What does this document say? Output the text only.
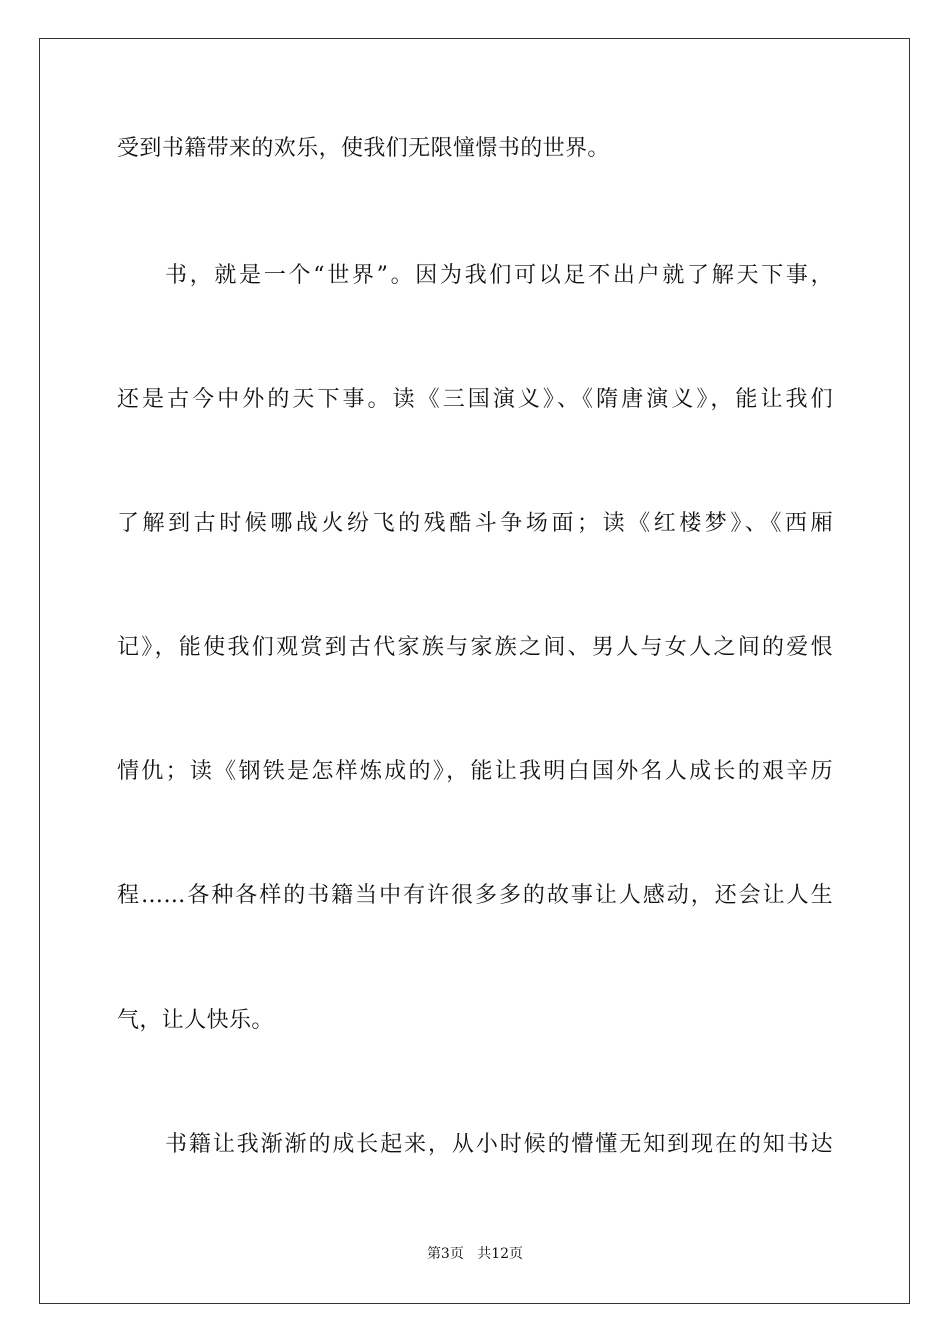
受到书籍带来的欢乐，使我们无限憧憬书的世界。
书，就是一个“世界”。因为我们可以足不出户就了解天下事，
还是古今中外的天下事。读《三国演义》、《隋唐演义》，能让我们
了解到古时候哪战火纷飞的残酷斗争场面；读《红楼梦》、《西厢
记》，能使我们观赏到古代家族与家族之间、男人与女人之间的爱恨
情仇；读《钢铁是怎样炼成的》，能让我明白国外名人成长的艰辛历
程……各种各样的书籍当中有许很多多的故事让人感动，还会让人生
气，让人快乐。
书籍让我渐渐的成长起来，从小时候的懵懂无知到现在的知书达
第3页 共12页
